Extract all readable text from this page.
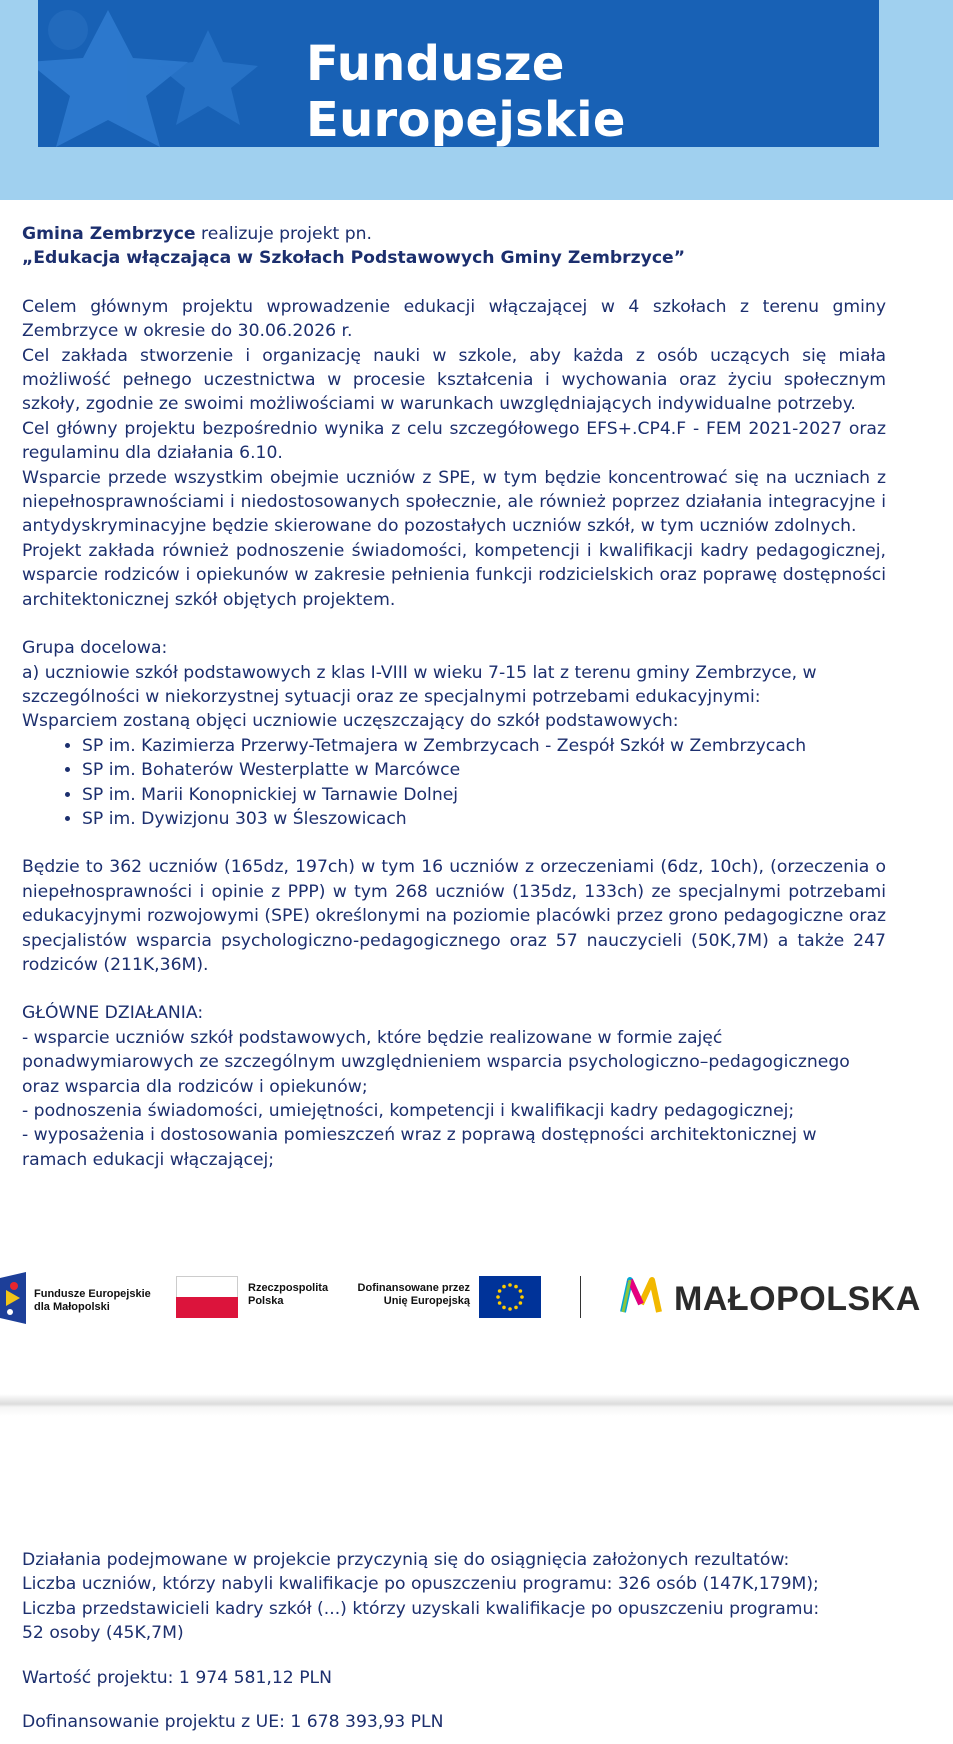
Fundusze Europejskie

Gmina Zembrzyce realizuje projekt pn.

„Edukacja włączająca w Szkołach Podstawowych Gminy Zembrzyce”

Celem głównym projektu wprowadzenie edukacji włączającej w 4 szkołach z terenu gminy Zembrzyce w okresie do 30.06.2026 r.

Cel zakłada stworzenie i organizację nauki w szkole, aby każda z osób uczących się miała możliwość pełnego uczestnictwa w procesie kształcenia i wychowania oraz życiu społecznym szkoły, zgodnie ze swoimi możliwościami w warunkach uwzględniających indywidualne potrzeby.

Cel główny projektu bezpośrednio wynika z celu szczegółowego EFS+.CP4.F - FEM 2021-2027 oraz regulaminu dla działania 6.10.

Wsparcie przede wszystkim obejmie uczniów z SPE, w tym będzie koncentrować się na uczniach z niepełnosprawnościami i niedostosowanych społecznie, ale również poprzez działania integracyjne i antydyskryminacyjne będzie skierowane do pozostałych uczniów szkół, w tym uczniów zdolnych.

Projekt zakłada również podnoszenie świadomości, kompetencji i kwalifikacji kadry pedagogicznej, wsparcie rodziców i opiekunów w zakresie pełnienia funkcji rodzicielskich oraz poprawę dostępności architektonicznej szkół objętych projektem.

Grupa docelowa:

a) uczniowie szkół podstawowych z klas I-VIII w wieku 7-15 lat z terenu gminy Zembrzyce, w szczególności w niekorzystnej sytuacji oraz ze specjalnymi potrzebami edukacyjnymi:

Wsparciem zostaną objęci uczniowie uczęszczający do szkół podstawowych:

• SP im. Kazimierza Przerwy-Tetmajera w Zembrzycach - Zespół Szkół w Zembrzycach
• SP im. Bohaterów Westerplatte w Marcówce
• SP im. Marii Konopnickiej w Tarnawie Dolnej
• SP im. Dywizjonu 303 w Śleszowicach

Będzie to 362 uczniów (165dz, 197ch) w tym 16 uczniów z orzeczeniami (6dz, 10ch), (orzeczenia o niepełnosprawności i opinie z PPP) w tym 268 uczniów (135dz, 133ch) ze specjalnymi potrzebami edukacyjnymi rozwojowymi (SPE) określonymi na poziomie placówki przez grono pedagogiczne oraz specjalistów wsparcia psychologiczno-pedagogicznego oraz 57 nauczycieli (50K,7M) a także 247 rodziców (211K,36M).

GŁÓWNE DZIAŁANIA:

- wsparcie uczniów szkół podstawowych, które będzie realizowane w formie zajęć ponadwymiarowych ze szczególnym uwzględnieniem wsparcia psychologiczno–pedagogicznego oraz wsparcia dla rodziców i opiekunów;

- podnoszenia świadomości, umiejętności, kompetencji i kwalifikacji kadry pedagogicznej;

- wyposażenia i dostosowania pomieszczeń wraz z poprawą dostępności architektonicznej w ramach edukacji włączającej;

Fundusze Europejskie
dla Małopolski
Rzeczpospolita
Polska
Dofinansowane przez
Unię Europejską	MAŁOPOLSKA

Działania podejmowane w projekcie przyczynią się do osiągnięcia założonych rezultatów:

Liczba uczniów, którzy nabyli kwalifikacje po opuszczeniu programu: 326 osób (147K,179M);

Liczba przedstawicieli kadry szkół (...) którzy uzyskali kwalifikacje po opuszczeniu programu:

52 osoby (45K,7M)

Wartość projektu: 1 974 581,12 PLN

Dofinansowanie projektu z UE: 1 678 393,93 PLN
